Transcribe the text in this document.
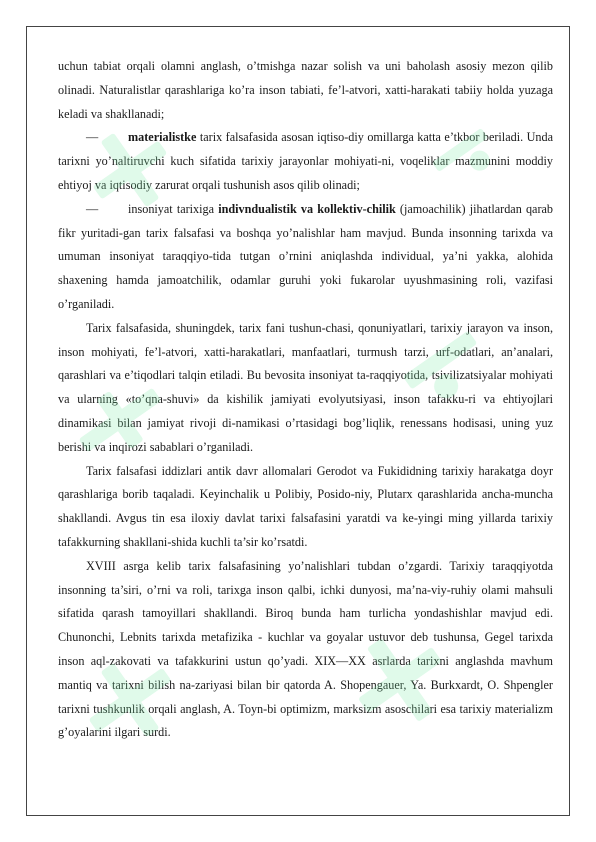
uchun tabiat orqali olamni anglash, o’tmishga nazar solish va uni baholash asosiy mezon qilib olinadi. Naturalistlar qarashlariga ko’ra inson tabiati, fe’l-atvori, xatti-harakati tabiiy holda yuzaga keladi va shakllanadi;

— materialistke tarix falsafasida asosan iqtiso-diy omillarga katta e’tkbor beriladi. Unda tarixni yo’naltiruvchi kuch sifatida tarixiy jarayonlar mohiyati-ni, voqeliklar mazmunini moddiy ehtiyoj va iqtisodiy zarurat orqali tushunish asos qilib olinadi;

— insoniyat tarixiga indivndualistik va kollektiv-chilik (jamoachilik) jihatlardan qarab fikr yuritadi-gan tarix falsafasi va boshqa yo’nalishlar ham mavjud. Bunda insonning tarixda va umuman insoniyat taraqqiyo-tida tutgan o’rnini aniqlashda individual, ya’ni yakka, alohida shaxening hamda jamoatchilik, odamlar guruhi yoki fukarolar uyushmasining roli, vazifasi o’rganiladi.

Tarix falsafasida, shuningdek, tarix fani tushun-chasi, qonuniyatlari, tarixiy jarayon va inson, inson mohiyati, fe’l-atvori, xatti-harakatlari, manfaatlari, turmush tarzi, urf-odatlari, an’analari, qarashlari va e’tiqodlari talqin etiladi. Bu bevosita insoniyat ta-raqqiyotida, tsivilizatsiyalar mohiyati va ularning «to’qna-shuvi» da kishilik jamiyati evolyutsiyasi, inson tafakku-ri va ehtiyojlari dinamikasi bilan jamiyat rivoji di-namikasi o’rtasidagi bog’liqlik, renessans hodisasi, uning yuz berishi va inqirozi sabablari o’rganiladi.

Tarix falsafasi iddizlari antik davr allomalari Gerodot va Fukididning tarixiy harakatga doyr qarashlariga borib taqaladi. Keyinchalik u Polibiy, Posido-niy, Plutarx qarashlarida ancha-muncha shakllandi. Avgus tin esa iloxiy davlat tarixi falsafasini yaratdi va ke-yingi ming yillarda tarixiy tafakkurning shakllani-shida kuchli ta’sir ko’rsatdi.

XVIII asrga kelib tarix falsafasining yo’nalishlari tubdan o’zgardi. Tarixiy taraqqiyotda insonning ta’siri, o’rni va roli, tarixga inson qalbi, ichki dunyosi, ma’na-viy-ruhiy olami mahsuli sifatida qarash tamoyillari shakllandi. Biroq bunda ham turlicha yondashishlar mavjud edi. Chunonchi, Lebnits tarixda metafizika - kuchlar va goyalar ustuvor deb tushunsa, Gegel tarixda inson aql-zakovati va tafakkurini ustun qo’yadi. XIX—XX asrlarda tarixni anglashda mavhum mantiq va tarixni bilish na-zariyasi bilan bir qatorda A. Shopengauer, Ya. Burkxardt, O. Shpengler tarixni tushkunlik orqali anglash, A. Toyn-bi optimizm, marksizm asoschilari esa tarixiy materializm g’oyalarini ilgari surdi.
